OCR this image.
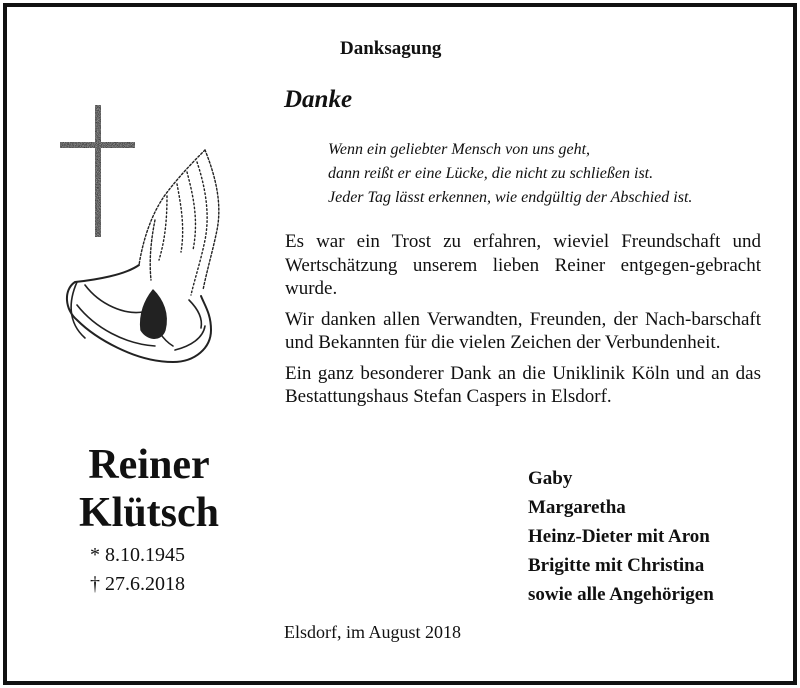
Danksagung
Danke
Wenn ein geliebter Mensch von uns geht,
dann reißt er eine Lücke, die nicht zu schließen ist.
Jeder Tag lässt erkennen, wie endgültig der Abschied ist.

Es war ein Trost zu erfahren, wieviel Freundschaft und Wertschätzung unserem lieben Reiner entgegen-gebracht wurde.

Wir danken allen Verwandten, Freunden, der Nach-barschaft und Bekannten für die vielen Zeichen der Verbundenheit.

Ein ganz besonderer Dank an die Uniklinik Köln und an das Bestattungshaus Stefan Caspers in Elsdorf.

Gaby
Margaretha
Heinz-Dieter mit Aron
Brigitte mit Christina
sowie alle Angehörigen
Elsdorf, im August 2018
Reiner
Klütsch
* 8.10.1945
† 27.6.2018
